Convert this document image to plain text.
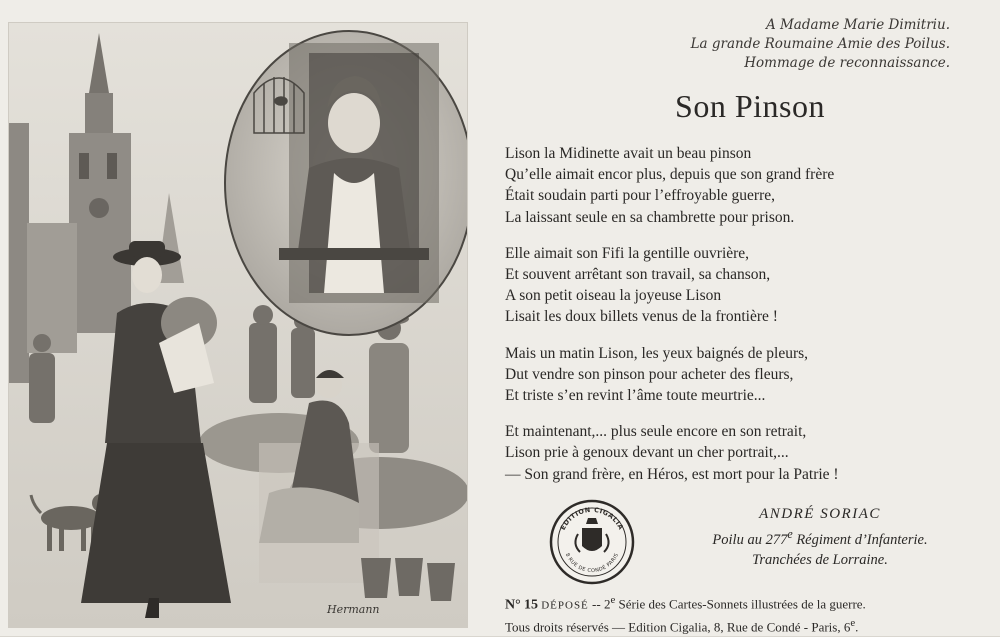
Hermann
A Madame Marie Dimitriu.
La grande Roumaine Amie des Poilus.
Hommage de reconnaissance.
Son Pinson
Lison la Midinette avait un beau pinson
Qu’elle aimait encor plus, depuis que son grand frère
Était soudain parti pour l’effroyable guerre,
La laissant seule en sa chambrette pour prison.
Elle aimait son Fifi la gentille ouvrière,
Et souvent arrêtant son travail, sa chanson,
A son petit oiseau la joyeuse Lison
Lisait les doux billets venus de la frontière !
Mais un matin Lison, les yeux baignés de pleurs,
Dut vendre son pinson pour acheter des fleurs,
Et triste s’en revint l’âme toute meurtrie...
Et maintenant,... plus seule encore en son retrait,
Lison prie à genoux devant un cher portrait,...
— Son grand frère, en Héros, est mort pour la Patrie !
EDITION CIGALIA
8 RUE DE CONDÉ PARIS
ANDRÉ SORIAC
Poilu au 277e Régiment d’Infanterie.
Tranchées de Lorraine.
N° 15 DÉPOSÉ -- 2e Série des Cartes-Sonnets illustrées de la guerre.
Tous droits réservés — Edition Cigalia, 8, Rue de Condé - Paris, 6e.
